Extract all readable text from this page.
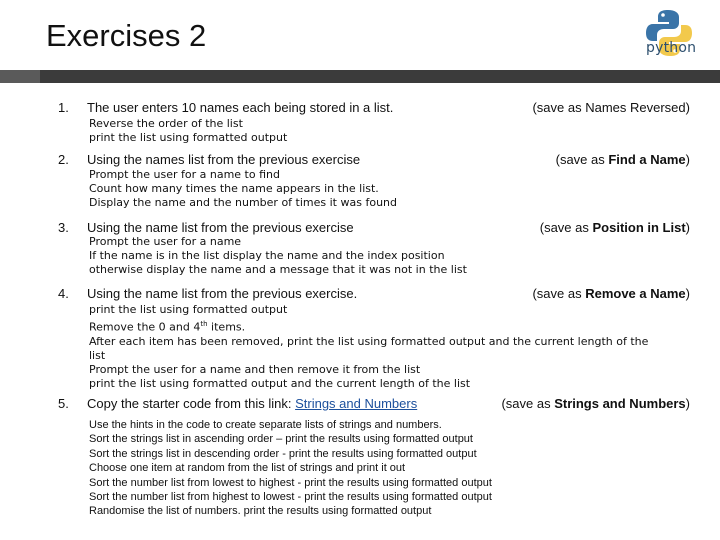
Exercises 2	python
1. The user enters 10 names each being stored in a list.	(save as Names Reversed)
Reverse the order of the list
print the list using formatted output
2. Using the names list from the previous exercise	(save as Find a Name)
Prompt the user for a name to find
Count how many times the name appears in the list.
Display the name and the number of times it was found
3. Using the name list from the previous exercise	(save as Position in List)
Prompt the user for a name
If the name is in the list display the name and the index position
otherwise display the name and a message that it was not in the list
4. Using the name list from the previous exercise.	(save as Remove a Name)
print the list using formatted output
Remove the 0 and 4th items.
After each item has been removed, print the list using formatted output and the current length of the
list
Prompt the user for a name and then remove it from the list
print the list using formatted output and the current length of the list
5. Copy the starter code from this link: Strings and Numbers	(save as Strings and Numbers)
Use the hints in the code to create separate lists of strings and numbers.
Sort the strings list in ascending order – print the results using formatted output
Sort the strings list in descending order - print the results using formatted output
Choose one item at random from the list of strings and print it out
Sort the number list from lowest to highest - print the results using formatted output
Sort the number list from highest to lowest - print the results using formatted output
Randomise the list of numbers. print the results using formatted output
